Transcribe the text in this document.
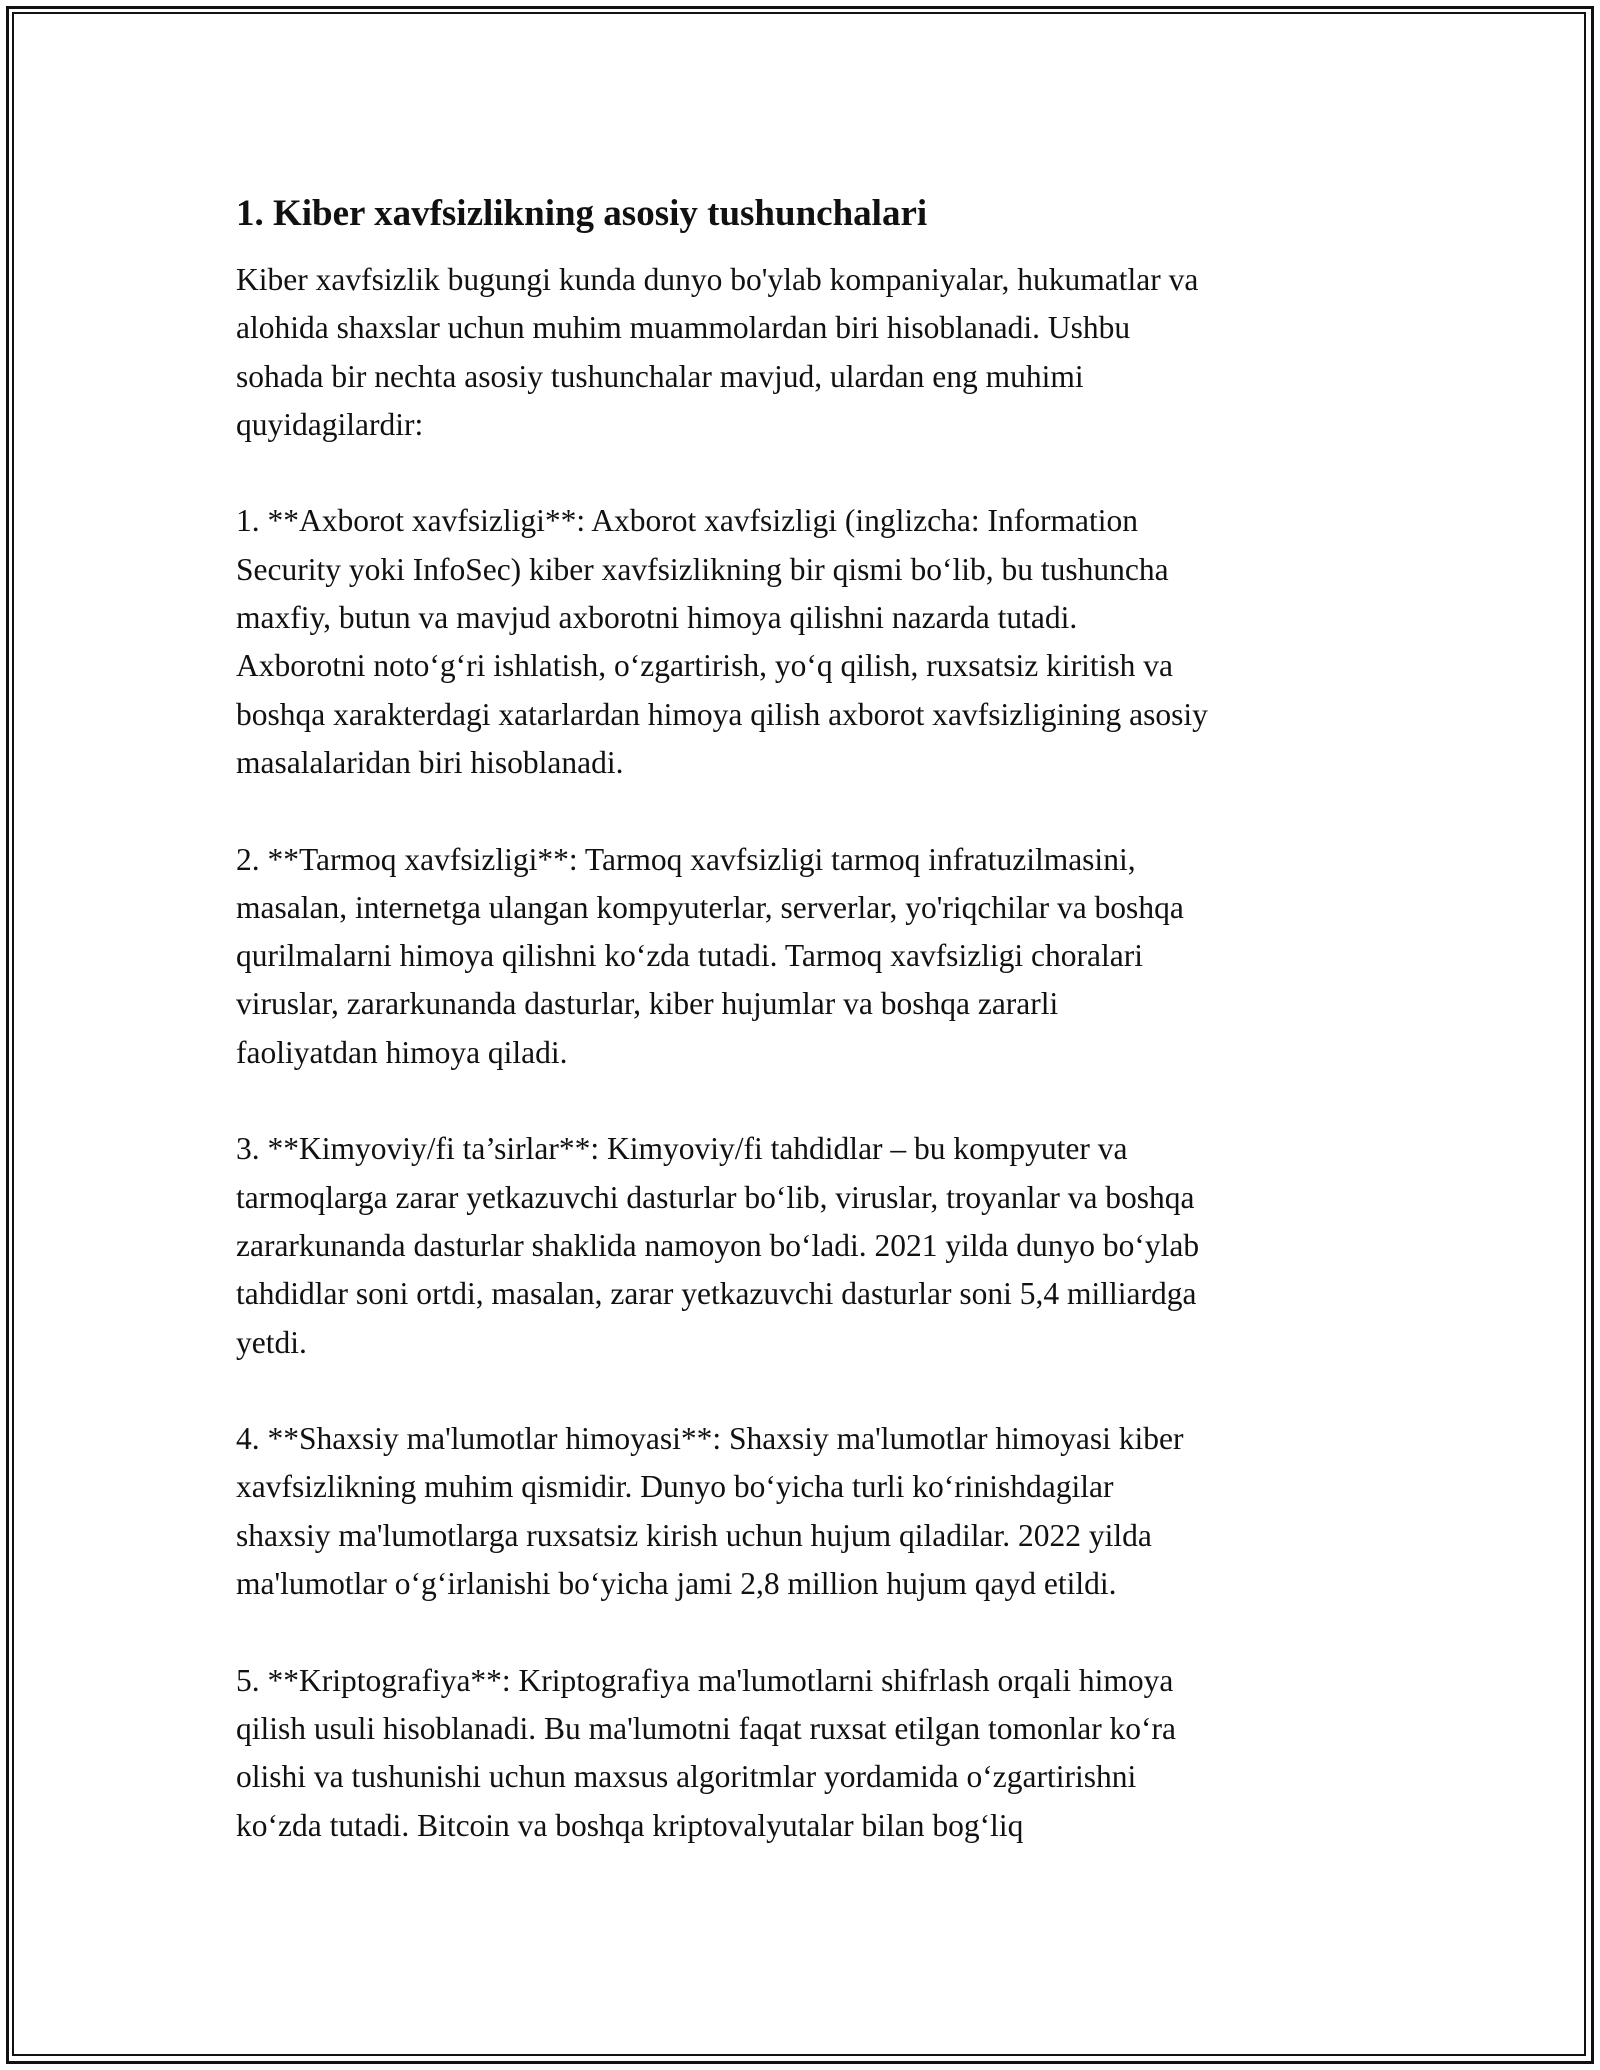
1. Kiber xavfsizlikning asosiy tushunchalari
Kiber xavfsizlik bugungi kunda dunyo bo'ylab kompaniyalar, hukumatlar va
alohida shaxslar uchun muhim muammolardan biri hisoblanadi. Ushbu
sohada bir nechta asosiy tushunchalar mavjud, ulardan eng muhimi
quyidagilardir:
1. **Axborot xavfsizligi**: Axborot xavfsizligi (inglizcha: Information
Security yoki InfoSec) kiber xavfsizlikning bir qismi bo‘lib, bu tushuncha
maxfiy, butun va mavjud axborotni himoya qilishni nazarda tutadi.
Axborotni noto‘g‘ri ishlatish, o‘zgartirish, yo‘q qilish, ruxsatsiz kiritish va
boshqa xarakterdagi xatarlardan himoya qilish axborot xavfsizligining asosiy
masalalaridan biri hisoblanadi.
2. **Tarmoq xavfsizligi**: Tarmoq xavfsizligi tarmoq infratuzilmasini,
masalan, internetga ulangan kompyuterlar, serverlar, yo'riqchilar va boshqa
qurilmalarni himoya qilishni ko‘zda tutadi. Tarmoq xavfsizligi choralari
viruslar, zararkunanda dasturlar, kiber hujumlar va boshqa zararli
faoliyatdan himoya qiladi.
3. **Kimyoviy/fi ta’sirlar**: Kimyoviy/fi tahdidlar – bu kompyuter va
tarmoqlarga zarar yetkazuvchi dasturlar bo‘lib, viruslar, troyanlar va boshqa
zararkunanda dasturlar shaklida namoyon bo‘ladi. 2021 yilda dunyo bo‘ylab
tahdidlar soni ortdi, masalan, zarar yetkazuvchi dasturlar soni 5,4 milliardga
yetdi.
4. **Shaxsiy ma'lumotlar himoyasi**: Shaxsiy ma'lumotlar himoyasi kiber
xavfsizlikning muhim qismidir. Dunyo bo‘yicha turli ko‘rinishdagilar
shaxsiy ma'lumotlarga ruxsatsiz kirish uchun hujum qiladilar. 2022 yilda
ma'lumotlar o‘g‘irlanishi bo‘yicha jami 2,8 million hujum qayd etildi.
5. **Kriptografiya**: Kriptografiya ma'lumotlarni shifrlash orqali himoya
qilish usuli hisoblanadi. Bu ma'lumotni faqat ruxsat etilgan tomonlar ko‘ra
olishi va tushunishi uchun maxsus algoritmlar yordamida o‘zgartirishni
ko‘zda tutadi. Bitcoin va boshqa kriptovalyutalar bilan bog‘liq
